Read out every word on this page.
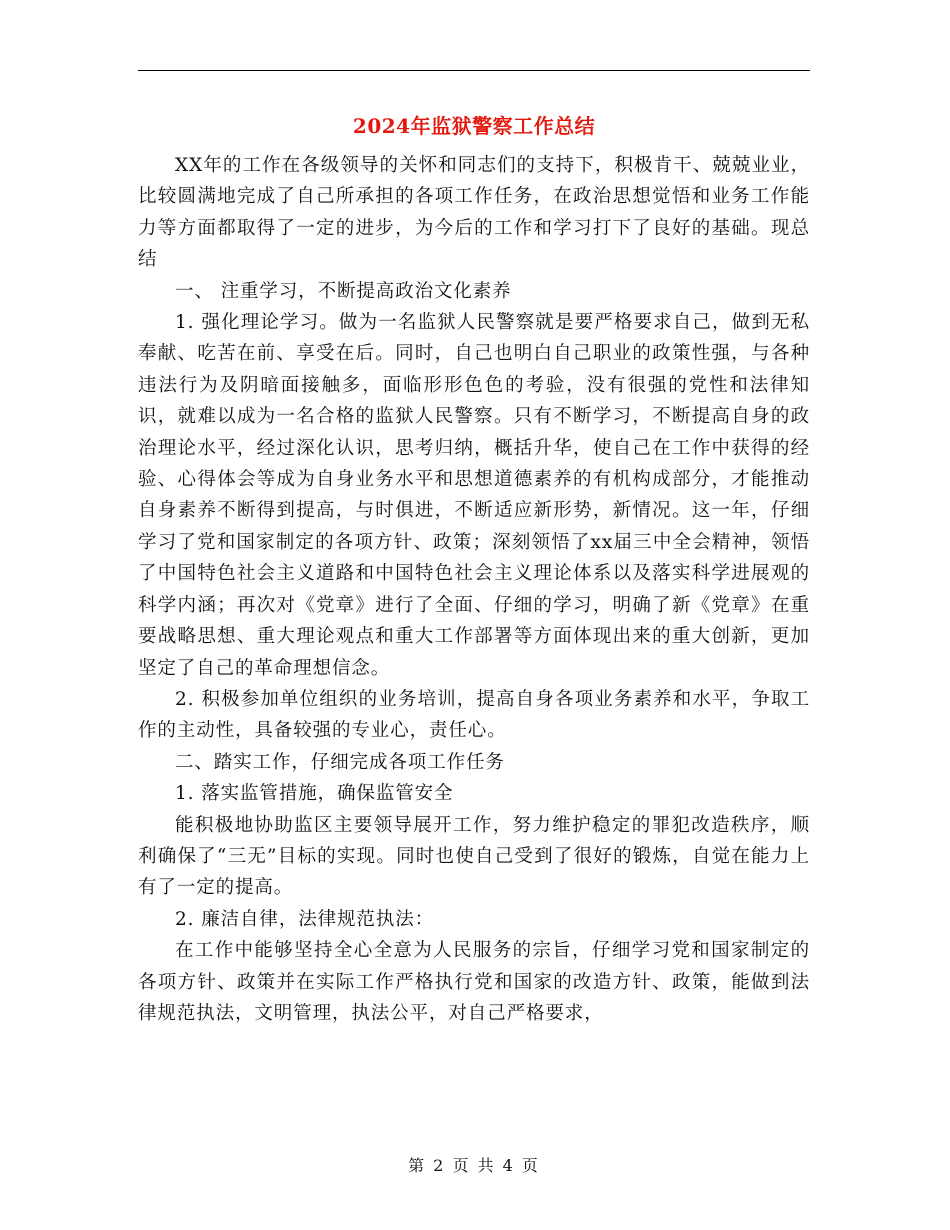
2024年监狱警察工作总结

XX年的工作在各级领导的关怀和同志们的支持下，积极肯干、兢兢业业，比较圆满地完成了自己所承担的各项工作任务，在政治思想觉悟和业务工作能力等方面都取得了一定的进步，为今后的工作和学习打下了良好的基础。现总结

一、 注重学习，不断提高政治文化素养

1. 强化理论学习。做为一名监狱人民警察就是要严格要求自己，做到无私奉献、吃苦在前、享受在后。同时，自己也明白自己职业的政策性强，与各种违法行为及阴暗面接触多，面临形形色色的考验，没有很强的党性和法律知识，就难以成为一名合格的监狱人民警察。只有不断学习，不断提高自身的政治理论水平，经过深化认识，思考归纳，概括升华，使自己在工作中获得的经验、心得体会等成为自身业务水平和思想道德素养的有机构成部分，才能推动自身素养不断得到提高，与时俱进，不断适应新形势，新情况。这一年，仔细学习了党和国家制定的各项方针、政策；深刻领悟了xx届三中全会精神，领悟了中国特色社会主义道路和中国特色社会主义理论体系以及落实科学进展观的科学内涵；再次对《党章》进行了全面、仔细的学习，明确了新《党章》在重要战略思想、重大理论观点和重大工作部署等方面体现出来的重大创新，更加坚定了自己的革命理想信念。

2. 积极参加单位组织的业务培训，提高自身各项业务素养和水平，争取工作的主动性，具备较强的专业心，责任心。

二、踏实工作，仔细完成各项工作任务

1. 落实监管措施，确保监管安全

能积极地协助监区主要领导展开工作，努力维护稳定的罪犯改造秩序，顺利确保了“三无”目标的实现。同时也使自己受到了很好的锻炼，自觉在能力上有了一定的提高。

2. 廉洁自律，法律规范执法：

在工作中能够坚持全心全意为人民服务的宗旨，仔细学习党和国家制定的各项方针、政策并在实际工作严格执行党和国家的改造方针、政策，能做到法律规范执法，文明管理，执法公平，对自己严格要求，

第 2 页 共 4 页
